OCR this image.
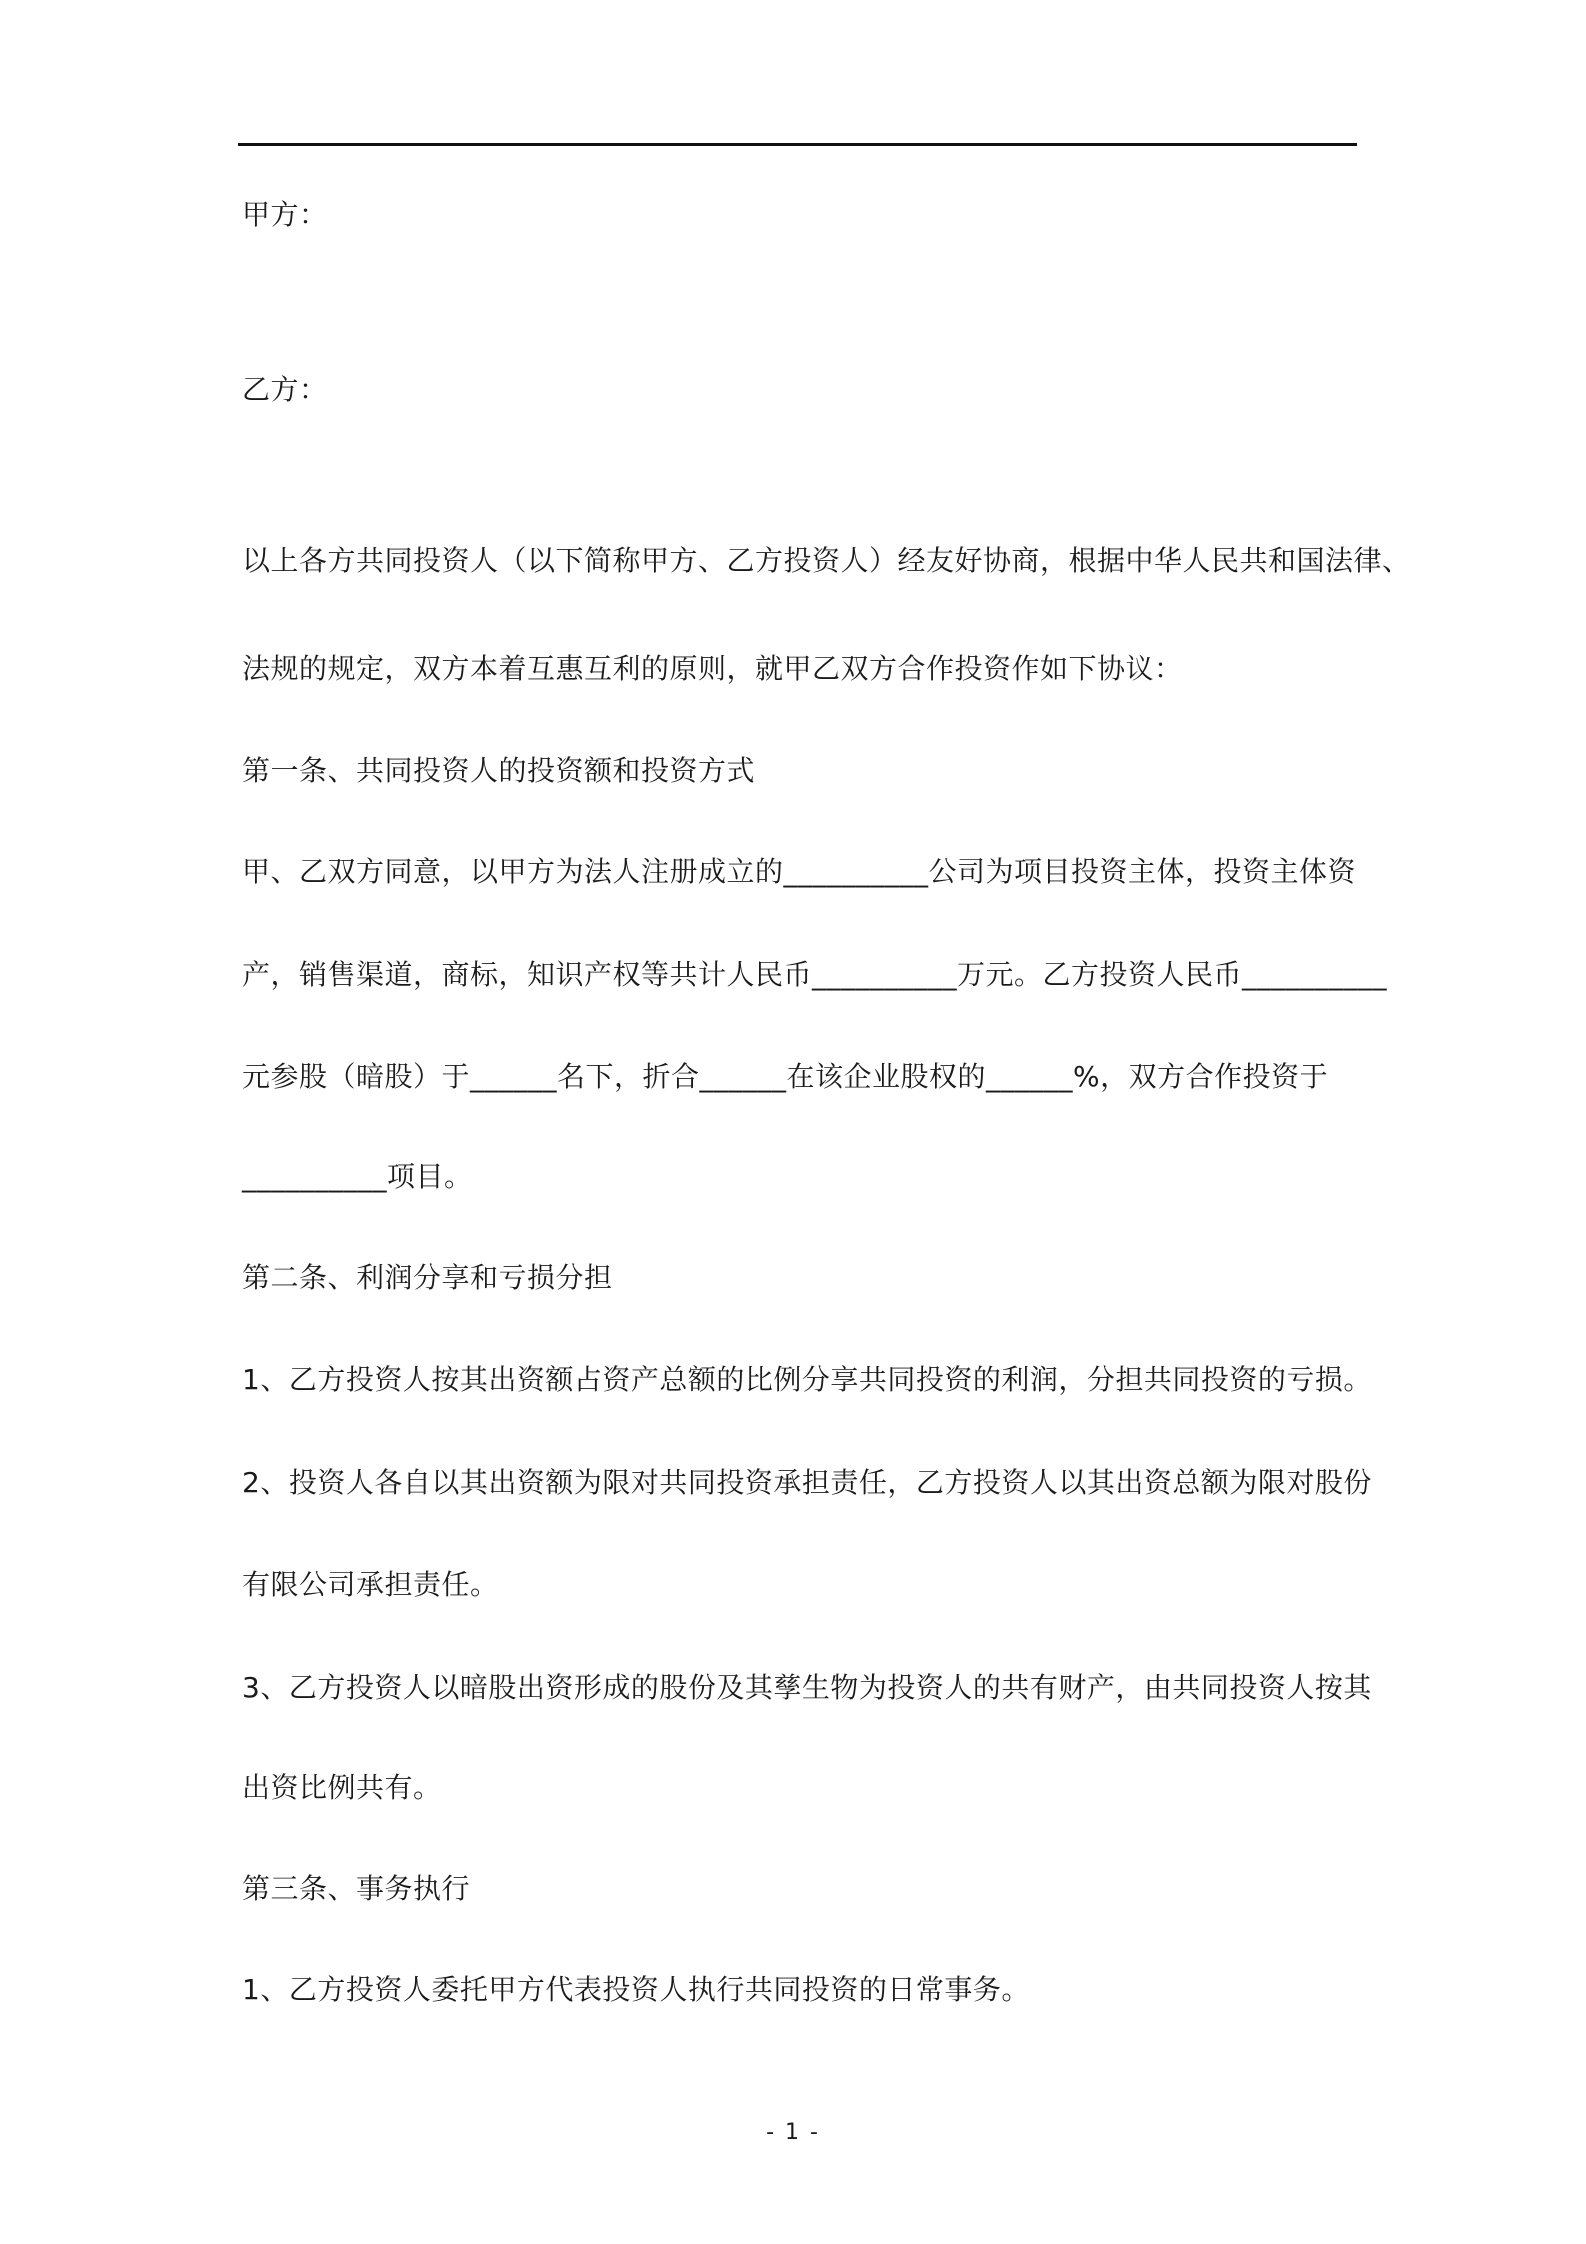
甲方：
乙方：
以上各方共同投资人（以下简称甲方、乙方投资人）经友好协商，根据中华人民共和国法律、
法规的规定，双方本着互惠互利的原则，就甲乙双方合作投资作如下协议：
第一条、共同投资人的投资额和投资方式
甲、乙双方同意，以甲方为法人注册成立的__________公司为项目投资主体，投资主体资
产，销售渠道，商标，知识产权等共计人民币__________万元。乙方投资人民币__________
元参股（暗股）于______名下，折合______在该企业股权的______%，双方合作投资于
__________项目。
第二条、利润分享和亏损分担
1、乙方投资人按其出资额占资产总额的比例分享共同投资的利润，分担共同投资的亏损。
2、投资人各自以其出资额为限对共同投资承担责任，乙方投资人以其出资总额为限对股份
有限公司承担责任。
3、乙方投资人以暗股出资形成的股份及其孳生物为投资人的共有财产，由共同投资人按其
出资比例共有。
第三条、事务执行
1、乙方投资人委托甲方代表投资人执行共同投资的日常事务。
- 1 -
